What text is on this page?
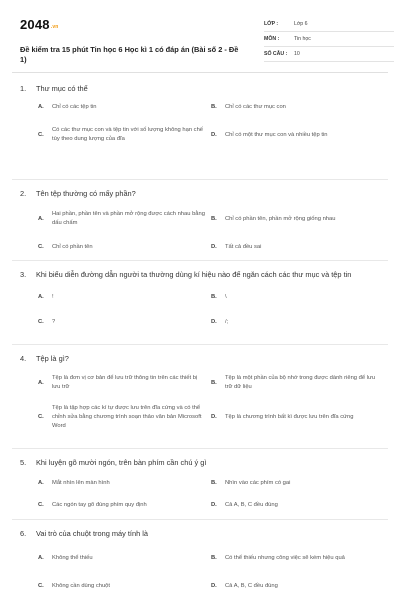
2048.vn
Đề kiểm tra 15 phút Tin học 6 Học kì 1 có đáp án (Bài số 2 - Đề 1)
LỚP :	Lớp 6
MÔN :	Tin học
SỐ CÂU :	10
1.	Thư mục có thể
A.	Chỉ có các tệp tin	B.	Chỉ có các thư mục con
C.
Có các thư mục con và tệp tin với số lượng không hạn chế tùy theo dung lượng của đĩa
D.	Chỉ có một thư mục con và nhiều tệp tin
2.	Tên tệp thường có mấy phần?
A.
Hai phần, phần tên và phần mở rộng được cách nhau bằng dấu chấm
B.	Chỉ có phần tên, phần mở rộng giống nhau
C.	Chỉ có phần tên	D.	Tất cả đều sai
3.	Khi biểu diễn đường dẫn người ta thường dùng kí hiệu nào để ngăn cách các thư mục và tệp tin
A.	!	B.	\
C.	?	D.	/;
4.	Tệp là gì?
A.
Tệp là đơn vị cơ bản để lưu trữ thông tin trên các thiết bị lưu trữ
B.
Tệp là một phần của bộ nhớ trong được dành riêng để lưu trữ dữ liệu
C.
Tệp là tập hợp các kí tự được lưu trên đĩa cứng và có thể chỉnh sửa bằng chương trình soạn thảo văn bản Microsoft Word
D.	Tệp là chương trình bất kì được lưu trên đĩa cứng
5.	Khi luyện gõ mười ngón, trên bàn phím cần chú ý gì
A.	Mắt nhìn lên màn hình	B.	Nhìn vào các phím có gai
C.	Các ngón tay gõ đúng phím quy định	D.	Cả A, B, C đều đúng
6.	Vai trò của chuột trong máy tính là
A.	Không thể thiếu	B.	Có thể thiếu nhưng công việc sẽ kém hiệu quả
C.	Không cần dùng chuột	D.	Cả A, B, C đều đúng
